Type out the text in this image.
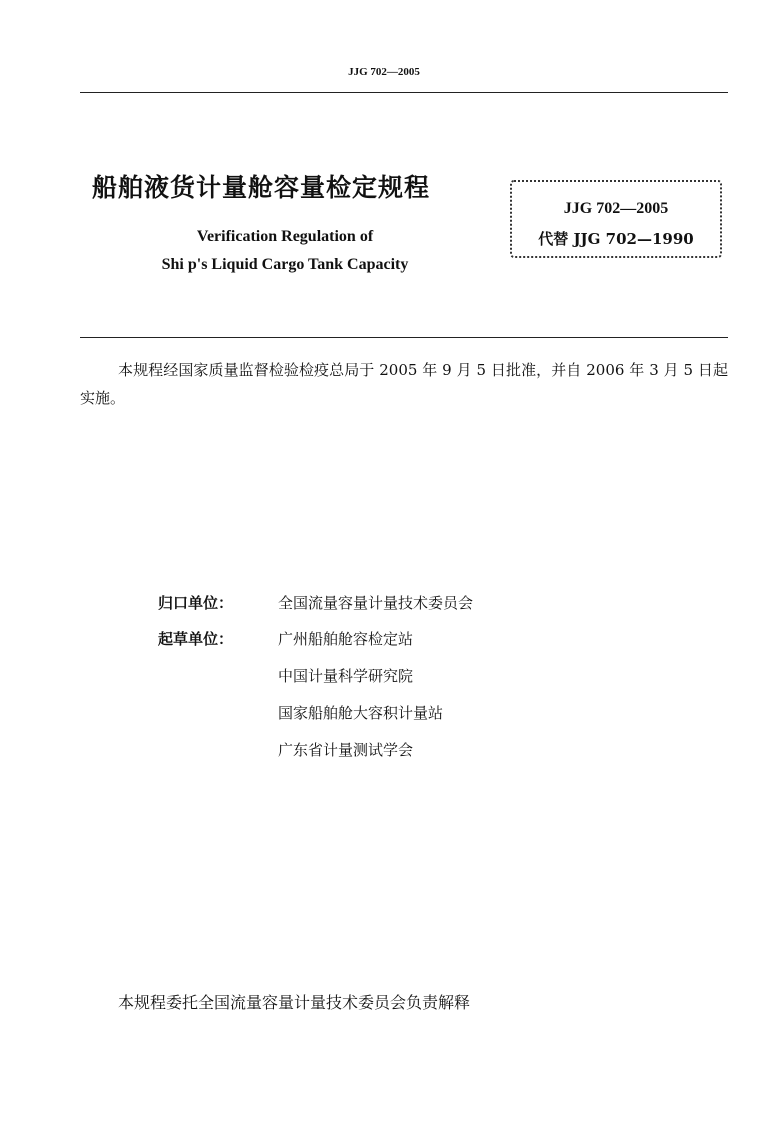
JJG 702—2005
船舶液货计量舱容量检定规程
Verification Regulation of
Shi p's Liquid Cargo Tank Capacity
JJG 702—2005
代替 JJG 702—1990
本规程经国家质量监督检验检疫总局于 2005 年 9 月 5 日批准，并自 2006 年 3 月 5 日起实施。
归口单位：	全国流量容量计量技术委员会
起草单位：	广州船舶舱容检定站
中国计量科学研究院
国家船舶舱大容积计量站
广东省计量测试学会
本规程委托全国流量容量计量技术委员会负责解释
